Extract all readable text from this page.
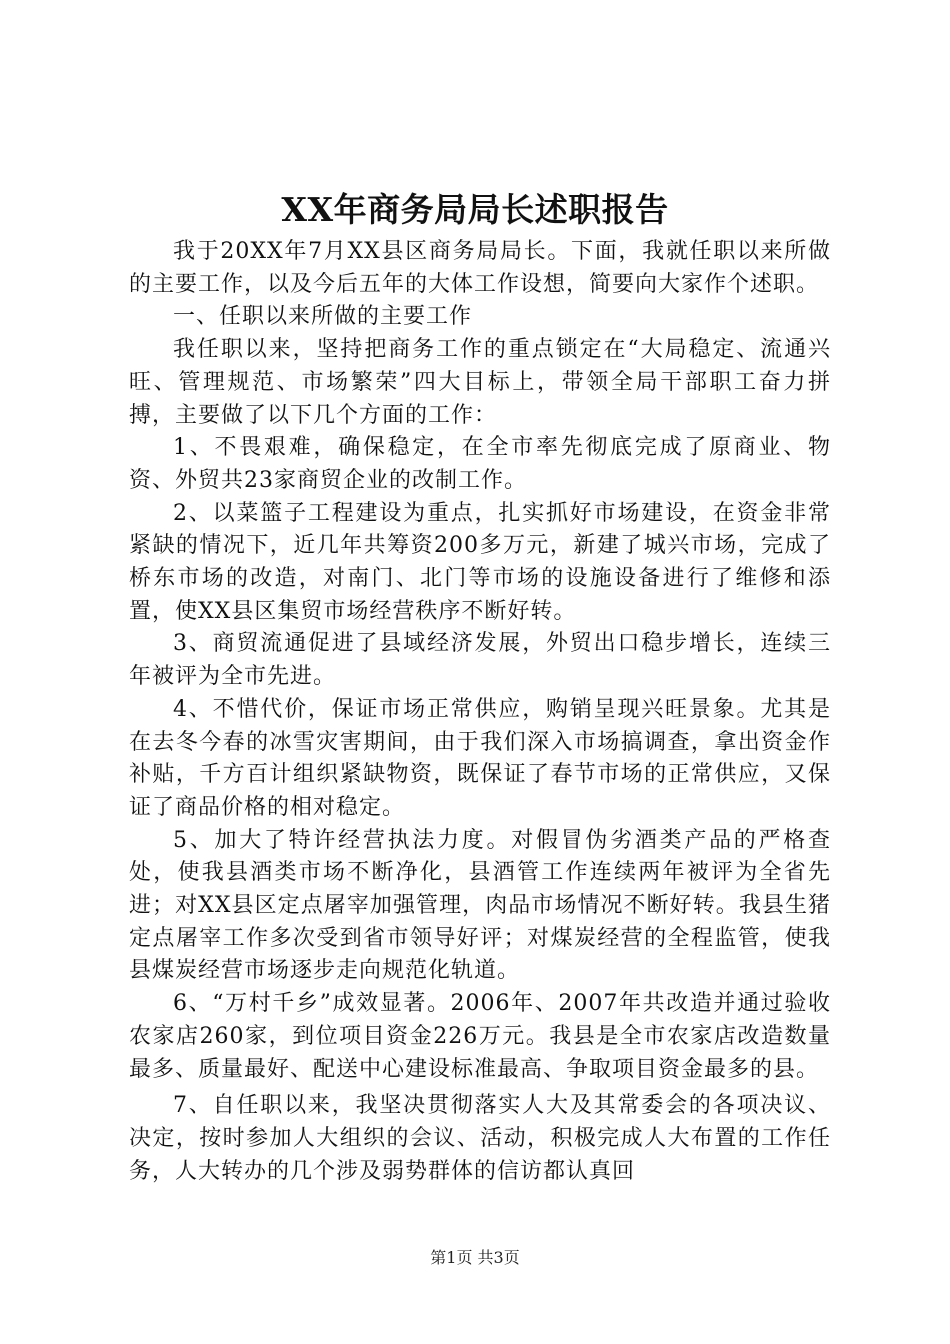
XX年商务局局长述职报告

我于20XX年7月XX县区商务局局长。下面，我就任职以来所做的主要工作，以及今后五年的大体工作设想，简要向大家作个述职。

一、任职以来所做的主要工作

我任职以来，坚持把商务工作的重点锁定在“大局稳定、流通兴旺、管理规范、市场繁荣”四大目标上，带领全局干部职工奋力拼搏，主要做了以下几个方面的工作：

1、不畏艰难，确保稳定，在全市率先彻底完成了原商业、物资、外贸共23家商贸企业的改制工作。

2、以菜篮子工程建设为重点，扎实抓好市场建设，在资金非常紧缺的情况下，近几年共筹资200多万元，新建了城兴市场，完成了桥东市场的改造，对南门、北门等市场的设施设备进行了维修和添置，使XX县区集贸市场经营秩序不断好转。

3、商贸流通促进了县域经济发展，外贸出口稳步增长，连续三年被评为全市先进。

4、不惜代价，保证市场正常供应，购销呈现兴旺景象。尤其是在去冬今春的冰雪灾害期间，由于我们深入市场搞调查，拿出资金作补贴，千方百计组织紧缺物资，既保证了春节市场的正常供应，又保证了商品价格的相对稳定。

5、加大了特许经营执法力度。对假冒伪劣酒类产品的严格查处，使我县酒类市场不断净化，县酒管工作连续两年被评为全省先进；对XX县区定点屠宰加强管理，肉品市场情况不断好转。我县生猪定点屠宰工作多次受到省市领导好评；对煤炭经营的全程监管，使我县煤炭经营市场逐步走向规范化轨道。

6、“万村千乡”成效显著。2006年、2007年共改造并通过验收农家店260家，到位项目资金226万元。我县是全市农家店改造数量最多、质量最好、配送中心建设标准最高、争取项目资金最多的县。

7、自任职以来，我坚决贯彻落实人大及其常委会的各项决议、决定，按时参加人大组织的会议、活动，积极完成人大布置的工作任务，人大转办的几个涉及弱势群体的信访都认真回

第1页 共3页
